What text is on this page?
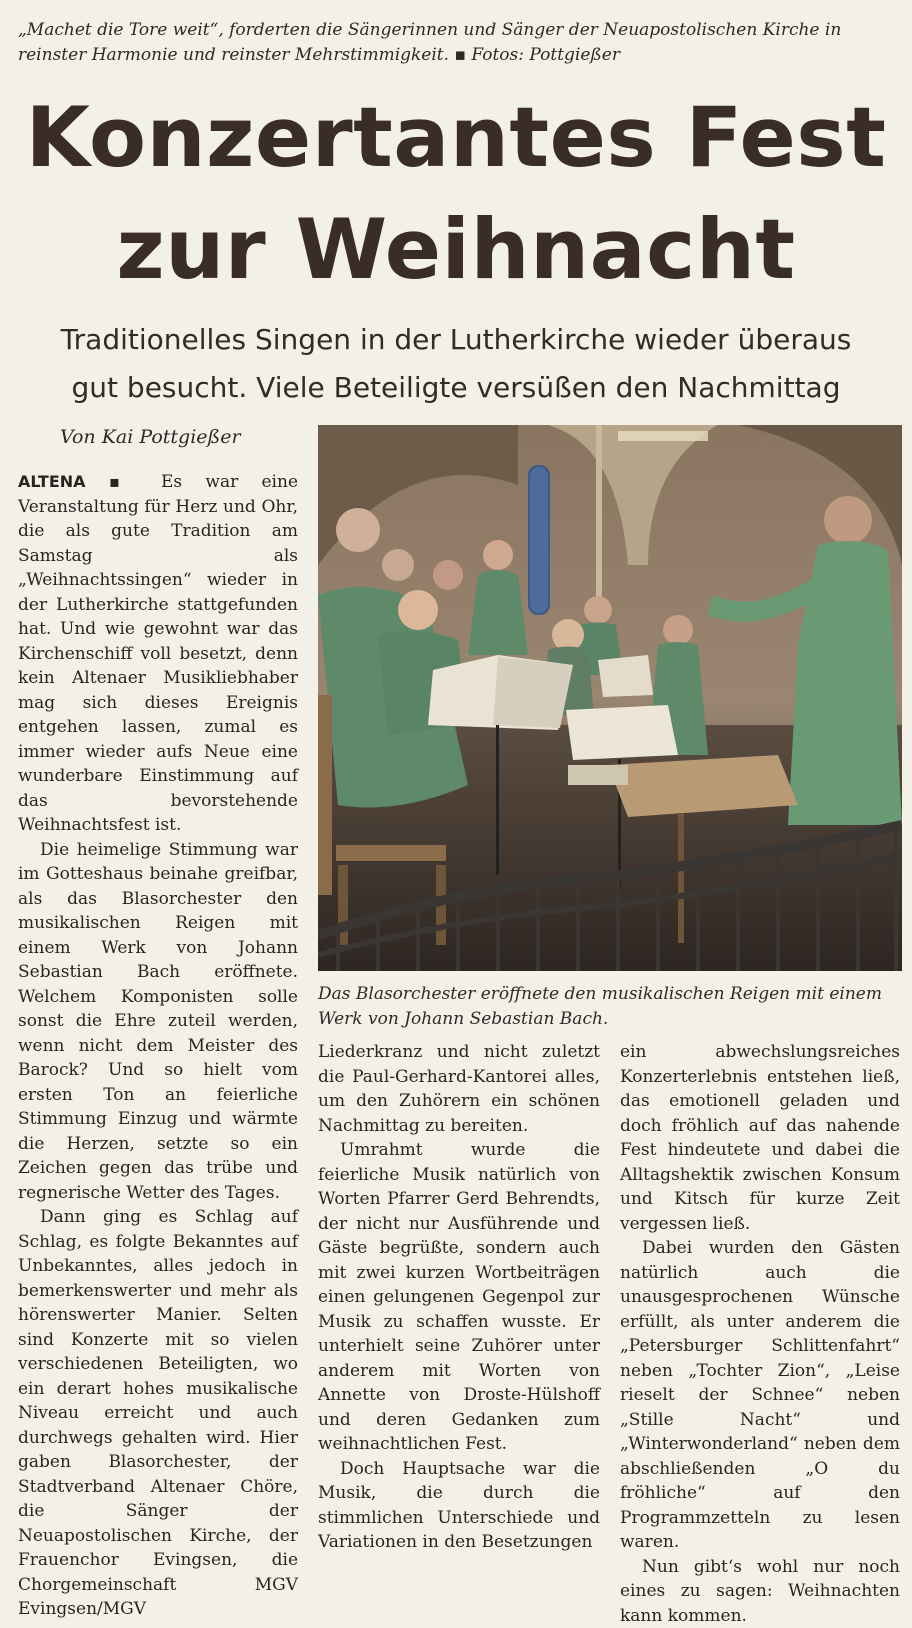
„Machet die Tore weit“, forderten die Sängerinnen und Sänger der Neuapostolischen Kirche in reinster Harmonie und reinster Mehrstimmigkeit. ▪ Fotos: Pottgießer
Konzertantes Fest
zur Weihnacht
Traditionelles Singen in der Lutherkirche wieder überaus
gut besucht. Viele Beteiligte versüßen den Nachmittag
Von Kai Pottgießer

ALTENA ▪ Es war eine Veranstaltung für Herz und Ohr, die als gute Tradition am Samstag als „Weihnachtssingen“ wieder in der Lutherkirche stattgefunden hat. Und wie gewohnt war das Kirchenschiff voll besetzt, denn kein Altenaer Musikliebhaber mag sich dieses Ereignis entgehen lassen, zumal es immer wieder aufs Neue eine wunderbare Einstimmung auf das bevorstehende Weihnachtsfest ist.

Die heimelige Stimmung war im Gotteshaus beinahe greifbar, als das Blasorchester den musikalischen Reigen mit einem Werk von Johann Sebastian Bach eröffnete. Welchem Komponisten solle sonst die Ehre zuteil werden, wenn nicht dem Meister des Barock? Und so hielt vom ersten Ton an feierliche Stimmung Einzug und wärmte die Herzen, setzte so ein Zeichen gegen das trübe und regnerische Wetter des Tages.

Dann ging es Schlag auf Schlag, es folgte Bekanntes auf Unbekanntes, alles jedoch in bemerkenswerter und mehr als hörenswerter Manier. Selten sind Konzerte mit so vielen verschiedenen Beteiligten, wo ein derart hohes musikalische Niveau erreicht und auch durchwegs gehalten wird. Hier gaben Blasorchester, der Stadtverband Altenaer Chöre, die Sänger der Neuapostolischen Kirche, der Frauenchor Evingsen, die Chorgemeinschaft MGV Evingsen/MGV

Das Blasorchester eröffnete den musikalischen Reigen mit einem Werk von Johann Sebastian Bach.

Liederkranz und nicht zuletzt die Paul-Gerhard-Kantorei alles, um den Zuhörern ein schönen Nachmittag zu bereiten.

Umrahmt wurde die feierliche Musik natürlich von Worten Pfarrer Gerd Behrendts, der nicht nur Ausführende und Gäste begrüßte, sondern auch mit zwei kurzen Wortbeiträgen einen gelungenen Gegenpol zur Musik zu schaffen wusste. Er unterhielt seine Zuhörer unter anderem mit Worten von Annette von Droste-Hülshoff und deren Gedanken zum weihnachtlichen Fest.

Doch Hauptsache war die Musik, die durch die stimmlichen Unterschiede und Variationen in den Besetzungen

ein abwechslungsreiches Konzerterlebnis entstehen ließ, das emotionell geladen und doch fröhlich auf das nahende Fest hindeutete und dabei die Alltagshektik zwischen Konsum und Kitsch für kurze Zeit vergessen ließ.

Dabei wurden den Gästen natürlich auch die unausgesprochenen Wünsche erfüllt, als unter anderem die „Petersburger Schlittenfahrt“ neben „Tochter Zion“, „Leise rieselt der Schnee“ neben „Stille Nacht“ und „Winterwonderland“ neben dem abschließenden „O du fröhliche“ auf den Programmzetteln zu lesen waren.

Nun gibt‘s wohl nur noch eines zu sagen: Weihnachten kann kommen.
